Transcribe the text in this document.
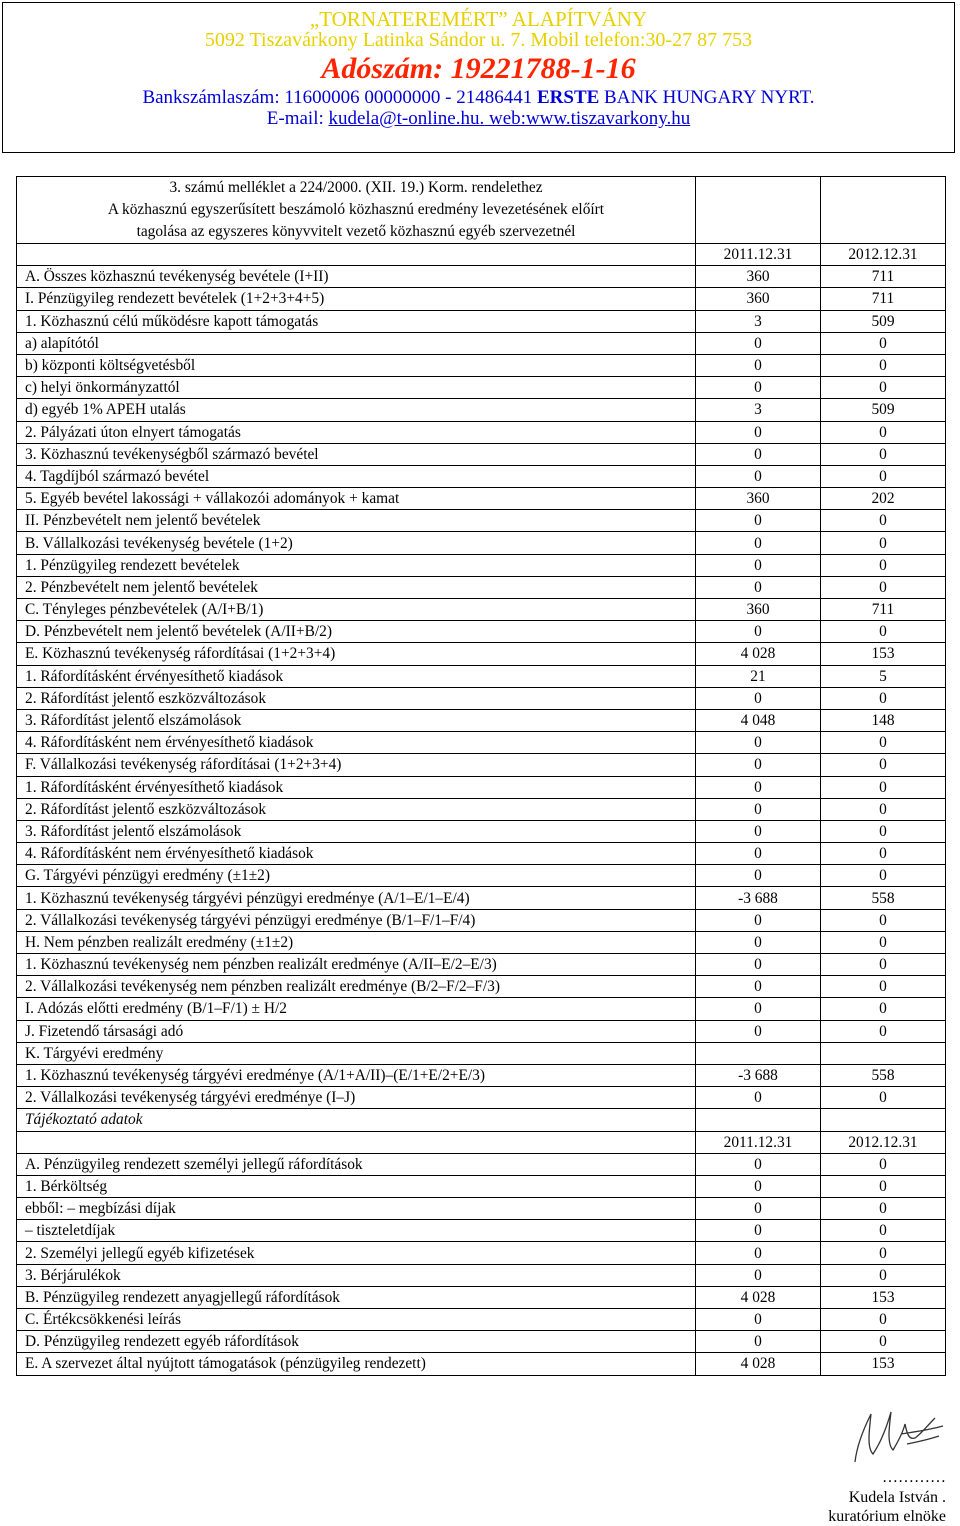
„TORNATEREMÉRT” ALAPÍTVÁNY
5092 Tiszavárkony Latinka Sándor u. 7. Mobil telefon:30-27 87 753
Adószám: 19221788-1-16
Bankszámlaszám: 11600006 00000000 - 21486441 ERSTE BANK HUNGARY NYRT.
E-mail: kudela@t-online.hu. web:www.tiszavarkony.hu
3. számú melléklet a 224/2000. (XII. 19.) Korm. rendelethez
A közhasznú egyszerűsített beszámoló közhasznú eredmény levezetésének előírt
tagolása az egyszeres könyvvitelt vezető közhasznú egyéb szervezetnél		

	2011.12.31	2012.12.31
A. Összes közhasznú tevékenység bevétele (I+II)	360	711
I. Pénzügyileg rendezett bevételek (1+2+3+4+5)	360	711
1. Közhasznú célú működésre kapott támogatás	3	509
a) alapítótól	0	0
b) központi költségvetésből	0	0
c) helyi önkormányzattól	0	0
d) egyéb 1% APEH utalás	3	509
2. Pályázati úton elnyert támogatás	0	0
3. Közhasznú tevékenységből származó bevétel	0	0
4. Tagdíjból származó bevétel	0	0
5. Egyéb bevétel lakossági + vállakozói adományok + kamat	360	202
II. Pénzbevételt nem jelentő bevételek	0	0
B. Vállalkozási tevékenység bevétele (1+2)	0	0
1. Pénzügyileg rendezett bevételek	0	0
2. Pénzbevételt nem jelentő bevételek	0	0
C. Tényleges pénzbevételek (A/I+B/1)	360	711
D. Pénzbevételt nem jelentő bevételek (A/II+B/2)	0	0
E. Közhasznú tevékenység ráfordításai (1+2+3+4)	4 028	153
1. Ráfordításként érvényesíthető kiadások	21	5
2. Ráfordítást jelentő eszközváltozások	0	0
3. Ráfordítást jelentő elszámolások	4 048	148
4. Ráfordításként nem érvényesíthető kiadások	0	0
F. Vállalkozási tevékenység ráfordításai (1+2+3+4)	0	0
1. Ráfordításként érvényesíthető kiadások	0	0
2. Ráfordítást jelentő eszközváltozások	0	0
3. Ráfordítást jelentő elszámolások	0	0
4. Ráfordításként nem érvényesíthető kiadások	0	0
G. Tárgyévi pénzügyi eredmény (±1±2)	0	0
1. Közhasznú tevékenység tárgyévi pénzügyi eredménye (A/1–E/1–E/4)	-3 688	558
2. Vállalkozási tevékenység tárgyévi pénzügyi eredménye (B/1–F/1–F/4)	0	0
H. Nem pénzben realizált eredmény (±1±2)	0	0
1. Közhasznú tevékenység nem pénzben realizált eredménye (A/II–E/2–E/3)	0	0
2. Vállalkozási tevékenység nem pénzben realizált eredménye (B/2–F/2–F/3)	0	0
I. Adózás előtti eredmény (B/1–F/1) ± H/2	0	0
J. Fizetendő társasági adó	0	0
K. Tárgyévi eredmény		
1. Közhasznú tevékenység tárgyévi eredménye (A/1+A/II)–(E/1+E/2+E/3)	-3 688	558
2. Vállalkozási tevékenység tárgyévi eredménye (I–J)	0	0
Tájékoztató adatok		
	2011.12.31	2012.12.31
A. Pénzügyileg rendezett személyi jellegű ráfordítások	0	0
1. Bérköltség	0	0
ebből: – megbízási díjak	0	0
– tiszteletdíjak	0	0
2. Személyi jellegű egyéb kifizetések	0	0
3. Bérjárulékok	0	0
B. Pénzügyileg rendezett anyagjellegű ráfordítások	4 028	153
C. Értékcsökkenési leírás	0	0
D. Pénzügyileg rendezett egyéb ráfordítások	0	0
E. A szervezet által nyújtott támogatások (pénzügyileg rendezett)	4 028	153
…………
Kudela István .
kuratórium elnöke
